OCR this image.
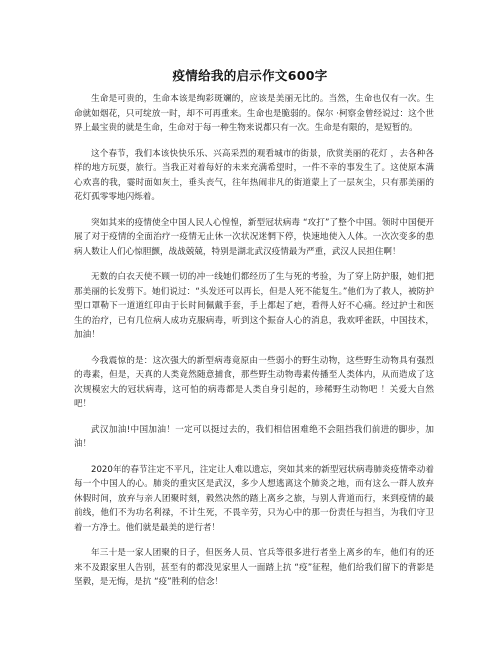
疫情给我的启示作文600字

生命是可贵的，生命本该是绚彩斑斓的，应该是美丽无比的。当然，生命也仅有一次。生命就如烟花，只可绽放一时，却不可再重来。生命也是脆弱的。保尔 ·柯察金曾经说过：这个世界上最宝贵的就是生命，生命对于每一种生物来说都只有一次。生命是有限的，是短暂的。

这个春节，我们本该快快乐乐、兴高采烈的观看城市的街景，欣赏美丽的花灯 ，去各种各样的地方玩耍，旅行。当我正对着每好的未来充满希望时，一件不幸的事发生了。这使原本满心欢喜的我，霎时面如灰土，垂头丧气，往年热闹非凡的街道蒙上了一层灰尘，只有那美丽的花灯孤零零地闪烁着。

突如其来的疫情使全中国人民人心惶惶，新型冠状病毒 “攻打”了整个中国。领时中国便开展了对于疫情的全面治疗一疫情无止休一次状况迷惘下停，快速地使入人体。一次次变多的患病人数让人们心惊胆颤，战战兢兢，特别是湖北武汉疫情最为严重，武汉人民担住啊！

无数的白衣天使不顾一切的冲一线她们都经历了生与死的考验，为了穿上防护服，她们把那美丽的长发剪下。她们说过：“头发还可以再长，但是人死不能复生。”他们为了救人，被防护型口罩勒下一道道红印由于长时间佩戴手套，手上都起了疤，看得人好不心痛。经过护士和医生的治疗，已有几位病人成功克服病毒，听到这个振奋人心的消息，我欢呼雀跃，中国技术，加油！

今我震惊的是：这次强大的新型病毒竟原由一些弱小的野生动物，这些野生动物具有强烈的毒素，但是，天真的人类竟然随意捕食，那些野生动物毒素传播至人类体内，从而造成了这次规模宏大的冠状病毒，这可怕的病毒都是人类自身引起的，珍稀野生动物吧 ！关爱大自然吧！

武汉加油!中国加油！一定可以挺过去的，我们相信困难绝不会阻挡我们前进的脚步，加油！

2020年的春节注定不平凡，注定让人难以遗忘，突如其来的新型冠状病毒肺炎疫情牵动着每一个中国人的心。肺炎的重灾区是武汉，多少人想逃离这个肺炎之地，而有这么一群人放弃休假时间，放弃与亲人团聚时刻，毅然决然的踏上离乡之旅，与别人背道而行，来到疫情的最前线，他们不为功名利禄，不计生死，不畏辛劳，只为心中的那一份责任与担当，为我们守卫着一方净土。他们就是最美的逆行者！

年三十是一家人团聚的日子，但医务人员、官兵等很多进行者坐上离乡的车，他们有的还来不及跟家里人告别，甚至有的都没见家里人一面踏上抗 “疫”征程，他们给我们留下的背影是坚毅，是无悔，是抗 “疫”胜利的信念！
